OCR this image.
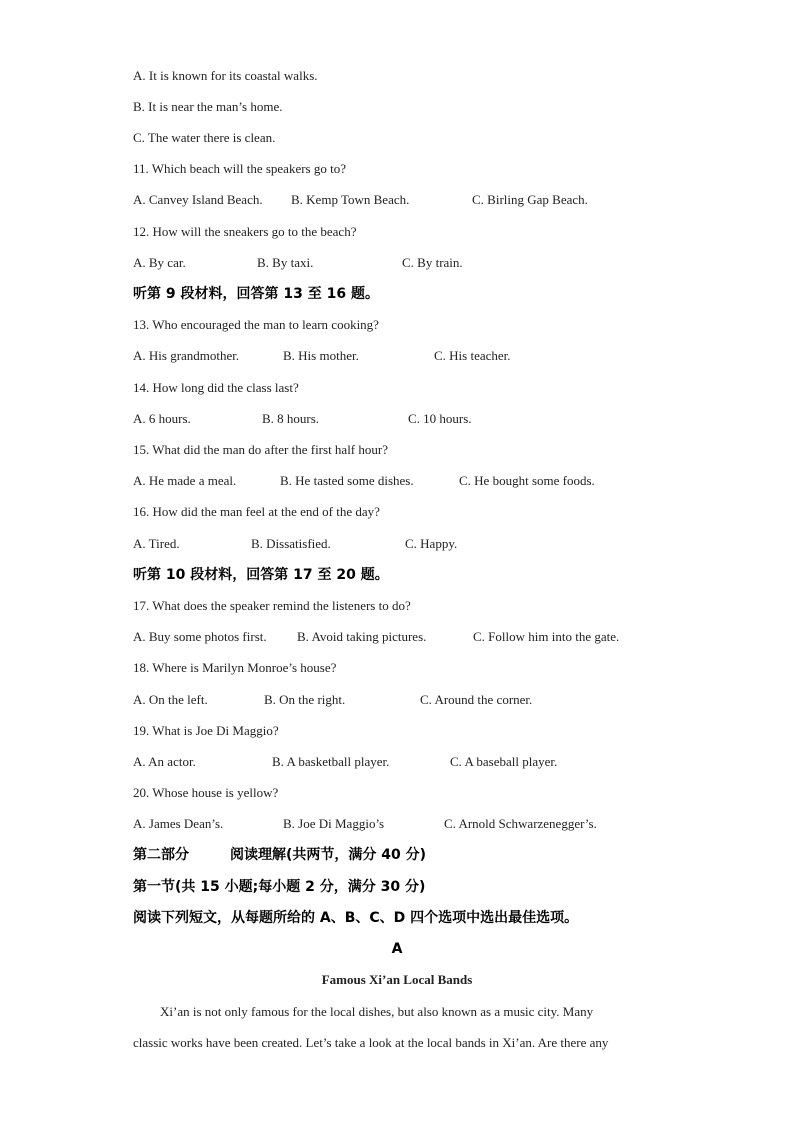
A. It is known for its coastal walks.
B. It is near the man’s home.
C. The water there is clean.
11. Which beach will the speakers go to?
A. Canvey Island Beach. B. Kemp Town Beach.	C. Birling Gap Beach.
12. How will the sneakers go to the beach?
A. By car.	B. By taxi.	C. By train.
听第 9 段材料，回答第 13 至 16 题。
13. Who encouraged the man to learn cooking?
A. His grandmother.	B. His mother.	C. His teacher.
14. How long did the class last?
A. 6 hours.	B. 8 hours.	C. 10 hours.
15. What did the man do after the first half hour?
A. He made a meal.	B. He tasted some dishes.	C. He bought some foods.
16. How did the man feel at the end of the day?
A. Tired.	B. Dissatisfied.	C. Happy.
听第 10 段材料，回答第 17 至 20 题。
17. What does the speaker remind the listeners to do?
A. Buy some photos first. B. Avoid taking pictures.	C. Follow him into the gate.
18. Where is Marilyn Monroe’s house?
A. On the left.	B. On the right.	C. Around the corner.
19. What is Joe Di Maggio?
A. An actor.	B. A basketball player.	C. A baseball player.
20. Whose house is yellow?
A. James Dean’s.	B. Joe Di Maggio’s	C. Arnold Schwarzenegger’s.
第二部分	阅读理解(共两节，满分 40 分)
第一节(共 15 小题;每小题 2 分，满分 30 分)
阅读下列短文，从每题所给的 A、B、C、D 四个选项中选出最佳选项。
A
Famous Xi’an Local Bands
Xi’an is not only famous for the local dishes, but also known as a music city. Many
classic works have been created. Let’s take a look at the local bands in Xi’an. Are there any
